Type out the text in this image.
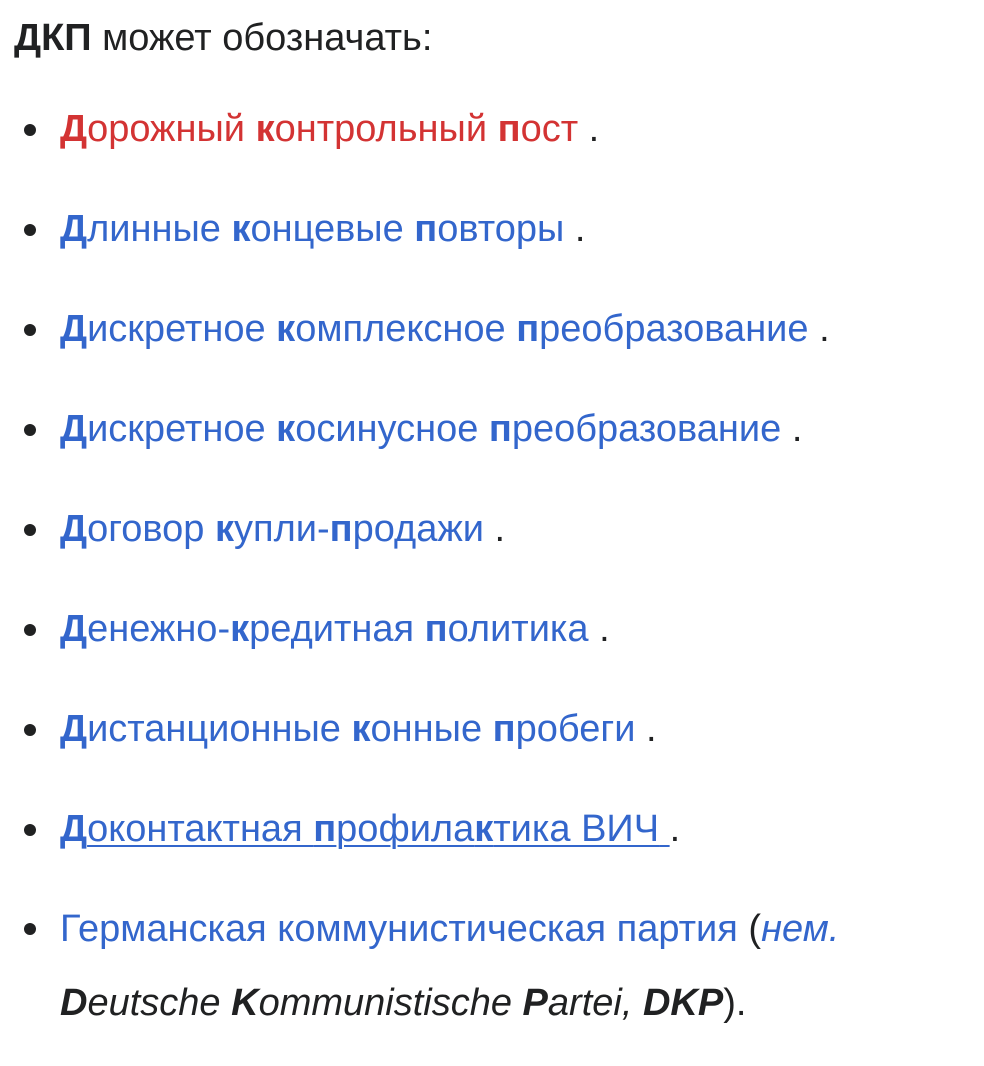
ДКП может обозначать:

Дорожный контрольный пост .
Длинные концевые повторы .
Дискретное комплексное преобразование .
Дискретное косинусное преобразование .
Договор купли-продажи .
Денежно-кредитная политика .
Дистанционные конные пробеги .
Доконтактная профилактика ВИЧ .
Германская коммунистическая партия (нем. Deutsche Kommunistische Partei, DKP).
